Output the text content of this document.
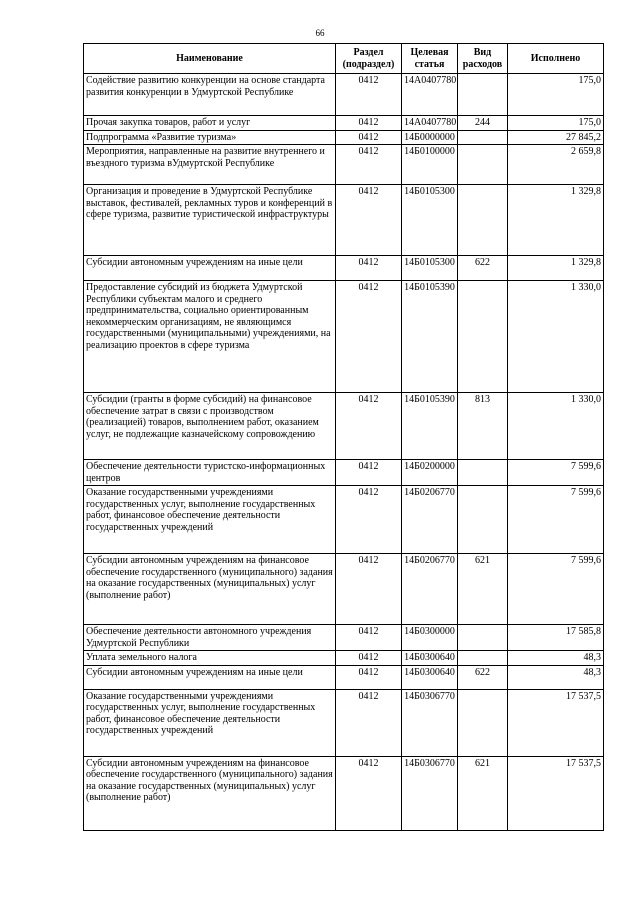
66
Наименование	Раздел (подраздел)	Целевая статья	Вид расходов	Исполнено
Содействие развитию конкуренции на основе стандарта развития конкуренции в Удмуртской Республике	0412	14А0407780		175,0
Прочая закупка товаров, работ и услуг	0412	14А0407780	244	175,0
Подпрограмма «Развитие туризма»	0412	14Б0000000		27 845,2
Мероприятия, направленные на развитие внутреннего и въездного туризма вУдмуртской Республике	0412	14Б0100000		2 659,8
Организация и проведение в Удмуртской Республике выставок, фестивалей, рекламных туров и конференций в сфере туризма, развитие туристической инфраструктуры	0412	14Б0105300		1 329,8
Субсидии автономным учреждениям на иные цели	0412	14Б0105300	622	1 329,8
Предоставление субсидий из бюджета Удмуртской Республики субъектам малого и среднего предпринимательства, социально ориентированным некоммерческим организациям, не являющимся государственными (муниципальными) учреждениями, на реализацию проектов в сфере туризма	0412	14Б0105390		1 330,0
Субсидии (гранты в форме субсидий) на финансовое обеспечение затрат в связи с производством (реализацией) товаров, выполнением работ, оказанием услуг, не подлежащие казначейскому сопровождению	0412	14Б0105390	813	1 330,0
Обеспечение деятельности туристско-информационных центров	0412	14Б0200000		7 599,6
Оказание государственными учреждениями государственных услуг, выполнение государственных работ, финансовое обеспечение деятельности государственных учреждений	0412	14Б0206770		7 599,6
Субсидии автономным учреждениям на финансовое обеспечение государственного (муниципального) задания на оказание государственных (муниципальных) услуг (выполнение работ)	0412	14Б0206770	621	7 599,6
Обеспечение деятельности автономного учреждения Удмуртской Республики	0412	14Б0300000		17 585,8
Уплата земельного налога	0412	14Б0300640		48,3
Субсидии автономным учреждениям на иные цели	0412	14Б0300640	622	48,3
Оказание государственными учреждениями государственных услуг, выполнение государственных работ, финансовое обеспечение деятельности государственных учреждений	0412	14Б0306770		17 537,5
Субсидии автономным учреждениям на финансовое обеспечение государственного (муниципального) задания на оказание государственных (муниципальных) услуг (выполнение работ)	0412	14Б0306770	621	17 537,5
